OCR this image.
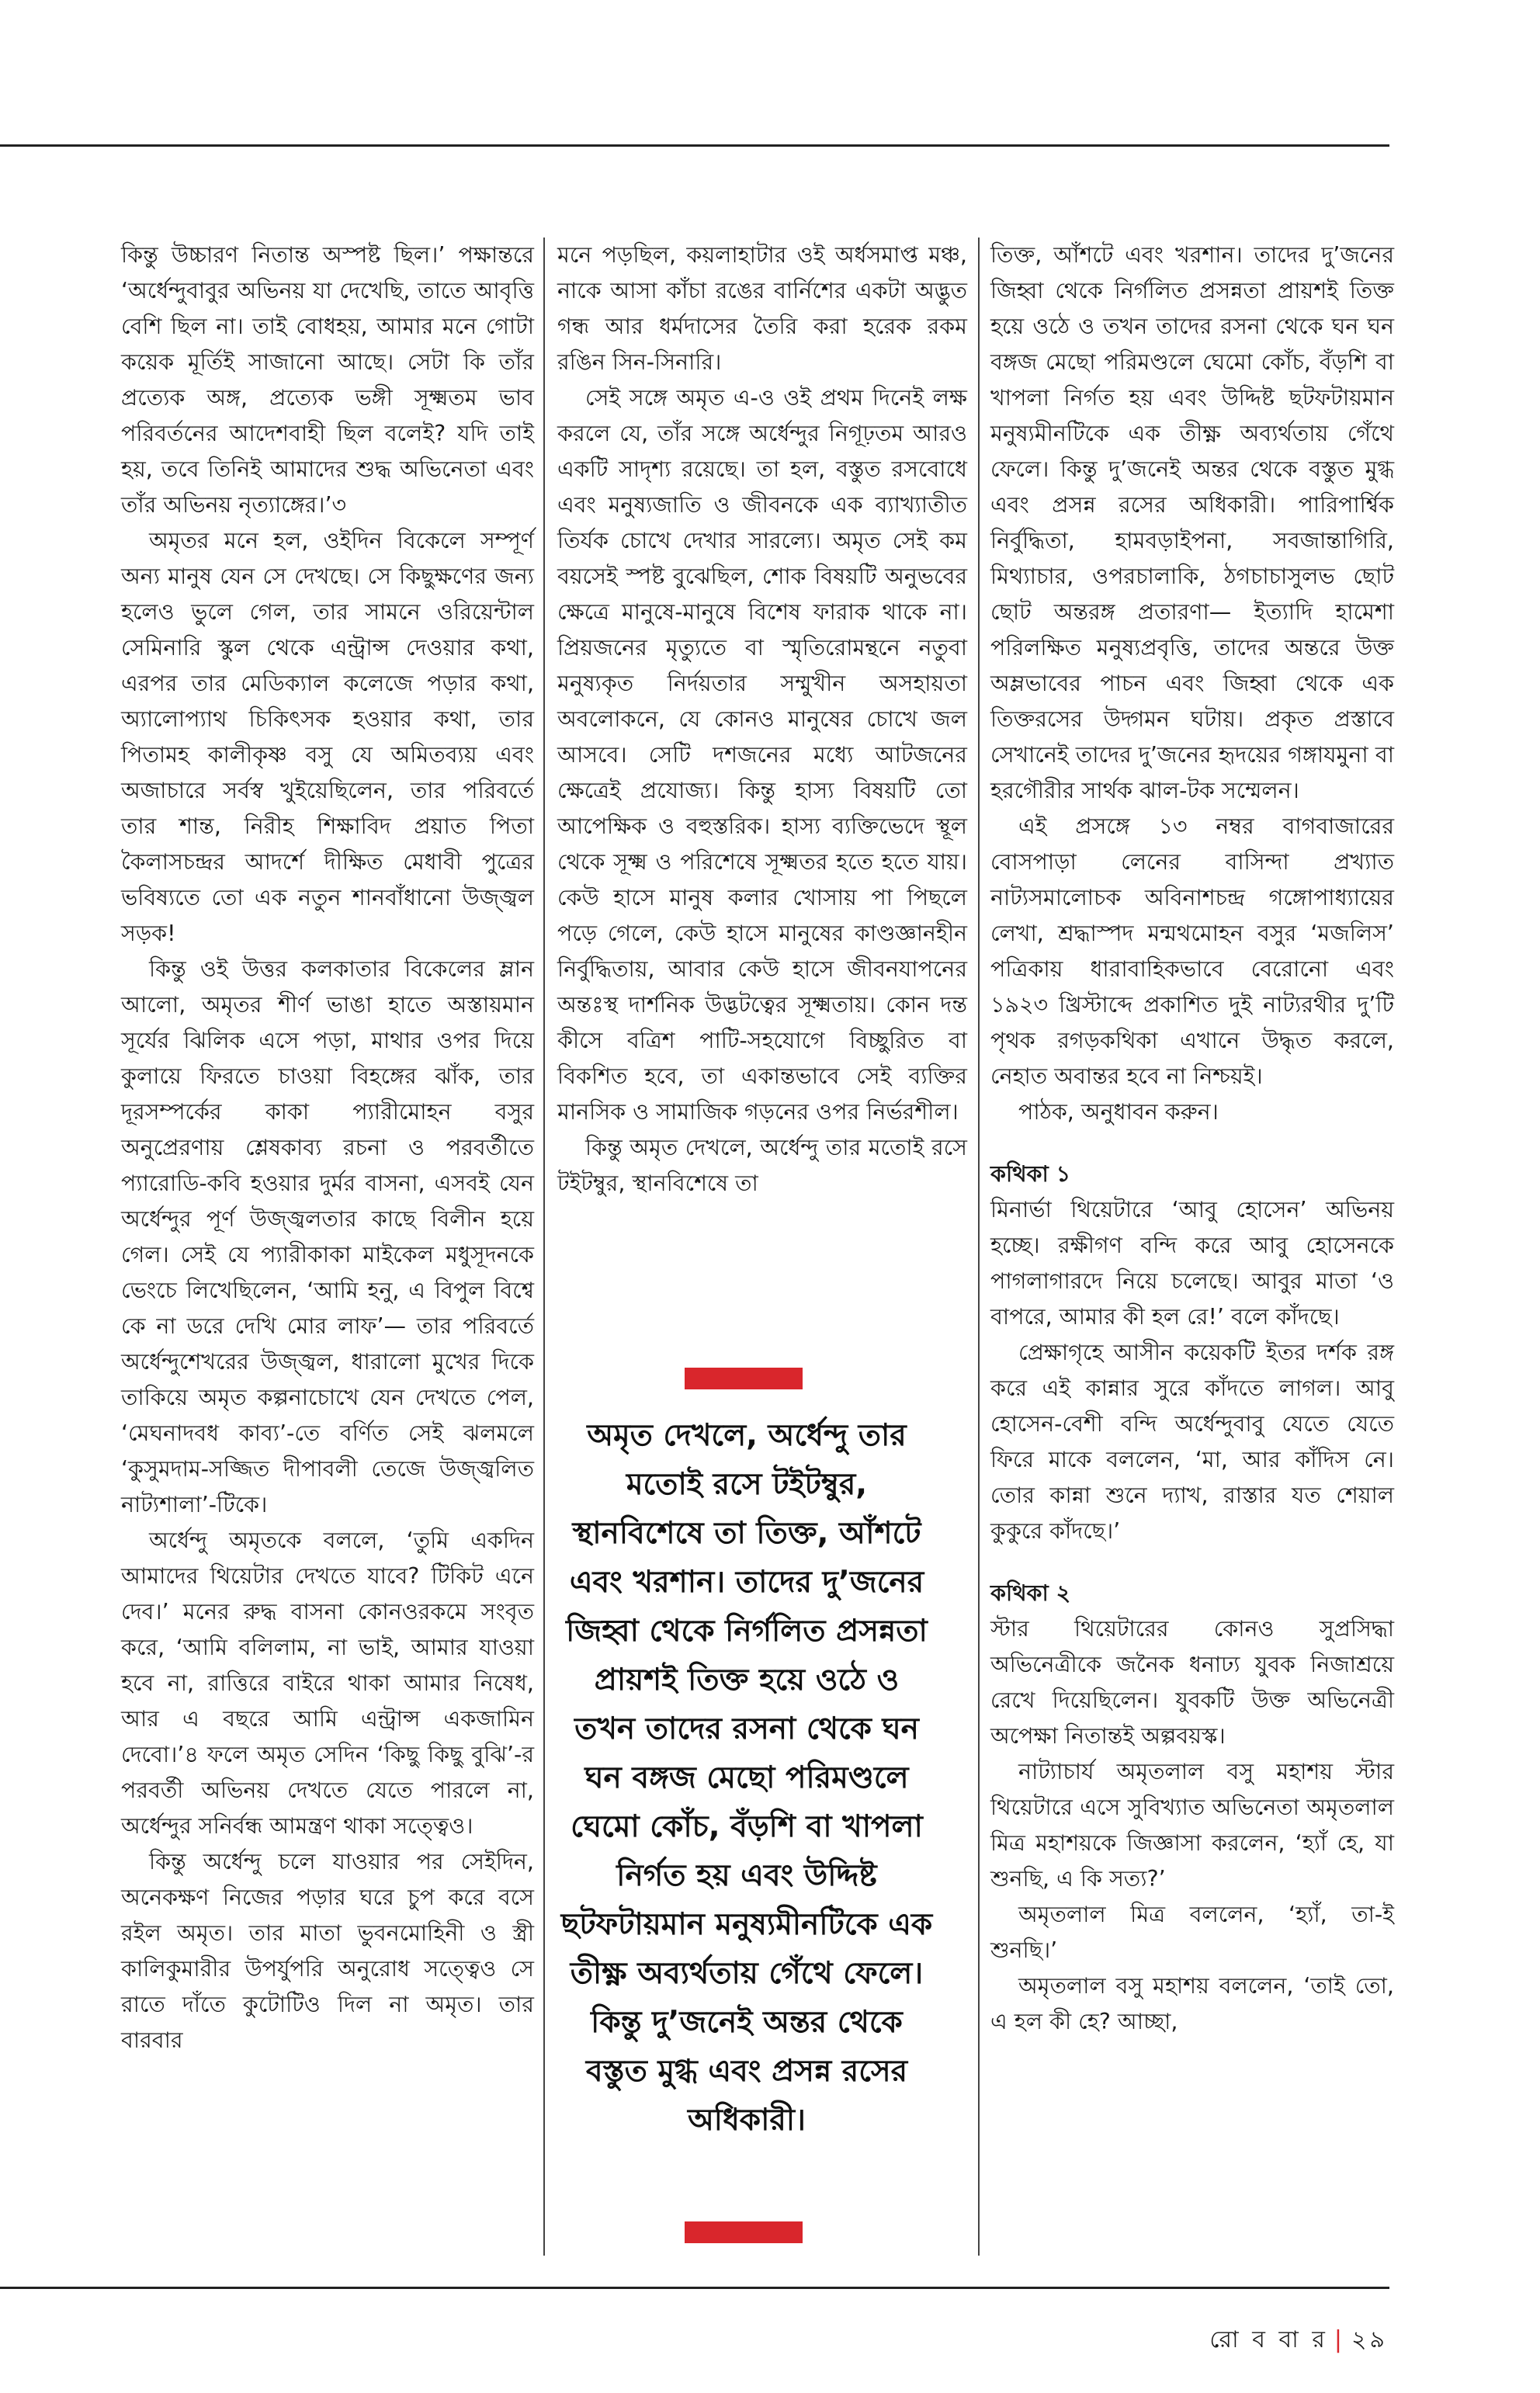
কিন্তু উচ্চারণ নিতান্ত অস্পষ্ট ছিল।’ পক্ষান্তরে ‘অর্ধেন্দুবাবুর অভিনয় যা দেখেছি, তাতে আবৃত্তি বেশি ছিল না। তাই বোধহয়, আমার মনে গোটা কয়েক মূর্তিই সাজানো আছে। সেটা কি তাঁর প্রত্যেক অঙ্গ, প্রত্যেক ভঙ্গী সূক্ষ্মতম ভাব পরিবর্তনের আদেশবাহী ছিল বলেই? যদি তাই হয়, তবে তিনিই আমাদের শুদ্ধ অভিনেতা এবং তাঁর অভিনয় নৃত্যাঙ্গের।’৩

অমৃতর মনে হল, ওইদিন বিকেলে সম্পূর্ণ অন্য মানুষ যেন সে দেখছে। সে কিছুক্ষণের জন্য হলেও ভুলে গেল, তার সামনে ওরিয়েন্টাল সেমিনারি স্কুল থেকে এন্ট্রান্স দেওয়ার কথা, এরপর তার মেডিক্যাল কলেজে পড়ার কথা, অ্যালোপ্যাথ চিকিৎসক হওয়ার কথা, তার পিতামহ কালীকৃষ্ণ বসু যে অমিতব্যয় এবং অজাচারে সর্বস্ব খুইয়েছিলেন, তার পরিবর্তে তার শান্ত, নিরীহ শিক্ষাবিদ প্রয়াত পিতা কৈলাসচন্দ্রর আদর্শে দীক্ষিত মেধাবী পুত্রের ভবিষ্যতে তো এক নতুন শানবাঁধানো উজ্জ্বল সড়ক!

কিন্তু ওই উত্তর কলকাতার বিকেলের ম্লান আলো, অমৃতর শীর্ণ ভাঙা হাতে অস্তায়মান সূর্যের ঝিলিক এসে পড়া, মাথার ওপর দিয়ে কুলায়ে ফিরতে চাওয়া বিহঙ্গের ঝাঁক, তার দূরসম্পর্কের কাকা প্যারীমোহন বসুর অনুপ্রেরণায় শ্লেষকাব্য রচনা ও পরবর্তীতে প্যারোডি-কবি হওয়ার দুর্মর বাসনা, এসবই যেন অর্ধেন্দুর পূর্ণ উজ্জ্বলতার কাছে বিলীন হয়ে গেল। সেই যে প্যারীকাকা মাইকেল মধুসূদনকে ভেংচে লিখেছিলেন, ‘আমি হনু, এ বিপুল বিশ্বে কে না ডরে দেখি মোর লাফ’— তার পরিবর্তে অর্ধেন্দুশেখরের উজ্জ্বল, ধারালো মুখের দিকে তাকিয়ে অমৃত কল্পনাচোখে যেন দেখতে পেল, ‘মেঘনাদবধ কাব্য’-তে বর্ণিত সেই ঝলমলে ‘কুসুমদাম-সজ্জিত দীপাবলী তেজে উজ্জ্বলিত নাট্যশালা’-টিকে।

অর্ধেন্দু অমৃতকে বললে, ‘তুমি একদিন আমাদের থিয়েটার দেখতে যাবে? টিকিট এনে দেব।’ মনের রুদ্ধ বাসনা কোনওরকমে সংবৃত করে, ‘আমি বলিলাম, না ভাই, আমার যাওয়া হবে না, রাত্তিরে বাইরে থাকা আমার নিষেধ, আর এ বছরে আমি এন্ট্রান্স একজামিন দেবো।’৪ ফলে অমৃত সেদিন ‘কিছু কিছু বুঝি’-র পরবর্তী অভিনয় দেখতে যেতে পারলে না, অর্ধেন্দুর সনির্বন্ধ আমন্ত্রণ থাকা সত্ত্বেও।

কিন্তু অর্ধেন্দু চলে যাওয়ার পর সেইদিন, অনেকক্ষণ নিজের পড়ার ঘরে চুপ করে বসে রইল অমৃত। তার মাতা ভুবনমোহিনী ও স্ত্রী কালিকুমারীর উপর্যুপরি অনুরোধ সত্ত্বেও সে রাতে দাঁতে কুটোটিও দিল না অমৃত। তার বারবার

মনে পড়ছিল, কয়লাহাটার ওই অর্ধসমাপ্ত মঞ্চ, নাকে আসা কাঁচা রঙের বার্নিশের একটা অদ্ভুত গন্ধ আর ধর্মদাসের তৈরি করা হরেক রকম রঙিন সিন-সিনারি।

সেই সঙ্গে অমৃত এ-ও ওই প্রথম দিনেই লক্ষ করলে যে, তাঁর সঙ্গে অর্ধেন্দুর নিগূঢ়তম আরও একটি সাদৃশ্য রয়েছে। তা হল, বস্তুত রসবোধে এবং মনুষ্যজাতি ও জীবনকে এক ব্যাখ্যাতীত তির্যক চোখে দেখার সারল্যে। অমৃত সেই কম বয়সেই স্পষ্ট বুঝেছিল, শোক বিষয়টি অনুভবের ক্ষেত্রে মানুষে-মানুষে বিশেষ ফারাক থাকে না। প্রিয়জনের মৃত্যুতে বা স্মৃতিরোমন্থনে নতুবা মনুষ্যকৃত নির্দয়তার সম্মুখীন অসহায়তা অবলোকনে, যে কোনও মানুষের চোখে জল আসবে। সেটি দশজনের মধ্যে আটজনের ক্ষেত্রেই প্রযোজ্য। কিন্তু হাস্য বিষয়টি তো আপেক্ষিক ও বহুস্তরিক। হাস্য ব্যক্তিভেদে স্থূল থেকে সূক্ষ্ম ও পরিশেষে সূক্ষ্মতর হতে হতে যায়। কেউ হাসে মানুষ কলার খোসায় পা পিছলে পড়ে গেলে, কেউ হাসে মানুষের কাণ্ডজ্ঞানহীন নির্বুদ্ধিতায়, আবার কেউ হাসে জীবনযাপনের অন্তঃস্থ দার্শনিক উদ্ভটত্বের সূক্ষ্মতায়। কোন দন্ত কীসে বত্রিশ পাটি-সহযোগে বিচ্ছুরিত বা বিকশিত হবে, তা একান্তভাবে সেই ব্যক্তির মানসিক ও সামাজিক গড়নের ওপর নির্ভরশীল।

কিন্তু অমৃত দেখলে, অর্ধেন্দু তার মতোই রসে টইটম্বুর, স্থানবিশেষে তা

অমৃত দেখলে, অর্ধেন্দু তার মতোই রসে টইটম্বুর, স্থানবিশেষে তা তিক্ত, আঁশটে এবং খরশান। তাদের দু’জনের জিহ্বা থেকে নির্গলিত প্রসন্নতা প্রায়শই তিক্ত হয়ে ওঠে ও তখন তাদের রসনা থেকে ঘন ঘন বঙ্গজ মেছো পরিমণ্ডলে ঘেমো কোঁচ, বঁড়শি বা খাপলা নির্গত হয় এবং উদ্দিষ্ট ছটফটায়মান মনুষ্যমীনটিকে এক তীক্ষ্ণ অব্যর্থতায় গেঁথে ফেলে। কিন্তু দু’জনেই অন্তর থেকে বস্তুত মুগ্ধ এবং প্রসন্ন রসের অধিকারী।

তিক্ত, আঁশটে এবং খরশান। তাদের দু’জনের জিহ্বা থেকে নির্গলিত প্রসন্নতা প্রায়শই তিক্ত হয়ে ওঠে ও তখন তাদের রসনা থেকে ঘন ঘন বঙ্গজ মেছো পরিমণ্ডলে ঘেমো কোঁচ, বঁড়শি বা খাপলা নির্গত হয় এবং উদ্দিষ্ট ছটফটায়মান মনুষ্যমীনটিকে এক তীক্ষ্ণ অব্যর্থতায় গেঁথে ফেলে। কিন্তু দু’জনেই অন্তর থেকে বস্তুত মুগ্ধ এবং প্রসন্ন রসের অধিকারী। পারিপার্শ্বিক নির্বুদ্ধিতা, হামবড়াইপনা, সবজান্তাগিরি, মিথ্যাচার, ওপরচালাকি, ঠগচাচাসুলভ ছোট ছোট অন্তরঙ্গ প্রতারণা— ইত্যাদি হামেশা পরিলক্ষিত মনুষ্যপ্রবৃত্তি, তাদের অন্তরে উক্ত অম্লভাবের পাচন এবং জিহ্বা থেকে এক তিক্তরসের উদ্গমন ঘটায়। প্রকৃত প্রস্তাবে সেখানেই তাদের দু’জনের হৃদয়ের গঙ্গাযমুনা বা হরগৌরীর সার্থক ঝাল-টক সম্মেলন।

এই প্রসঙ্গে ১৩ নম্বর বাগবাজারের বোসপাড়া লেনের বাসিন্দা প্রখ্যাত নাট্যসমালোচক অবিনাশচন্দ্র গঙ্গোপাধ্যায়ের লেখা, শ্রদ্ধাস্পদ মন্মথমোহন বসুর ‘মজলিস’ পত্রিকায় ধারাবাহিকভাবে বেরোনো এবং ১৯২৩ খ্রিস্টাব্দে প্রকাশিত দুই নাট্যরথীর দু’টি পৃথক রগড়কথিকা এখানে উদ্ধৃত করলে, নেহাত অবান্তর হবে না নিশ্চয়ই।

পাঠক, অনুধাবন করুন।

কথিকা ১

মিনার্ভা থিয়েটারে ‘আবু হোসেন’ অভিনয় হচ্ছে। রক্ষীগণ বন্দি করে আবু হোসেনকে পাগলাগারদে নিয়ে চলেছে। আবুর মাতা ‘ও বাপরে, আমার কী হল রে!’ বলে কাঁদছে।

প্রেক্ষাগৃহে আসীন কয়েকটি ইতর দর্শক রঙ্গ করে এই কান্নার সুরে কাঁদতে লাগল। আবু হোসেন-বেশী বন্দি অর্ধেন্দুবাবু যেতে যেতে ফিরে মাকে বললেন, ‘মা, আর কাঁদিস নে। তোর কান্না শুনে দ্যাখ, রাস্তার যত শেয়াল কুকুরে কাঁদছে।’

কথিকা ২

স্টার থিয়েটারের কোনও সুপ্রসিদ্ধা অভিনেত্রীকে জনৈক ধনাঢ্য যুবক নিজাশ্রয়ে রেখে দিয়েছিলেন। যুবকটি উক্ত অভিনেত্রী অপেক্ষা নিতান্তই অল্পবয়স্ক।

নাট্যাচার্য অমৃতলাল বসু মহাশয় স্টার থিয়েটারে এসে সুবিখ্যাত অভিনেতা অমৃতলাল মিত্র মহাশয়কে জিজ্ঞাসা করলেন, ‘হ্যাঁ হে, যা শুনছি, এ কি সত্য?’

অমৃতলাল মিত্র বললেন, ‘হ্যাঁ, তা-ই শুনছি।’

অমৃতলাল বসু মহাশয় বললেন, ‘তাই তো, এ হল কী হে? আচ্ছা,

রো ব বা র | ২৯
